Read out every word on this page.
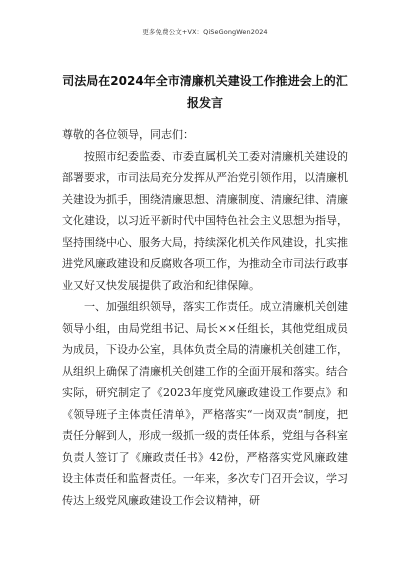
更多免费公文+VX：QiSeGongWen2024
司法局在2024年全市清廉机关建设工作推进会上的汇报发言

尊敬的各位领导，同志们：

按照市纪委监委、市委直属机关工委对清廉机关建设的部署要求，市司法局充分发挥从严治党引领作用，以清廉机关建设为抓手，围绕清廉思想、清廉制度、清廉纪律、清廉文化建设，以习近平新时代中国特色社会主义思想为指导，坚持围绕中心、服务大局，持续深化机关作风建设，扎实推进党风廉政建设和反腐败各项工作，为推动全市司法行政事业又好又快发展提供了政治和纪律保障。

一、加强组织领导，落实工作责任。成立清廉机关创建领导小组，由局党组书记、局长××任组长，其他党组成员为成员，下设办公室，具体负责全局的清廉机关创建工作，从组织上确保了清廉机关创建工作的全面开展和落实。结合实际，研究制定了《2023年度党风廉政建设工作要点》和《领导班子主体责任清单》，严格落实“一岗双责”制度，把责任分解到人，形成一级抓一级的责任体系，党组与各科室负责人签订了《廉政责任书》42份，严格落实党风廉政建设主体责任和监督责任。一年来，多次专门召开会议，学习传达上级党风廉政建设工作会议精神，研
